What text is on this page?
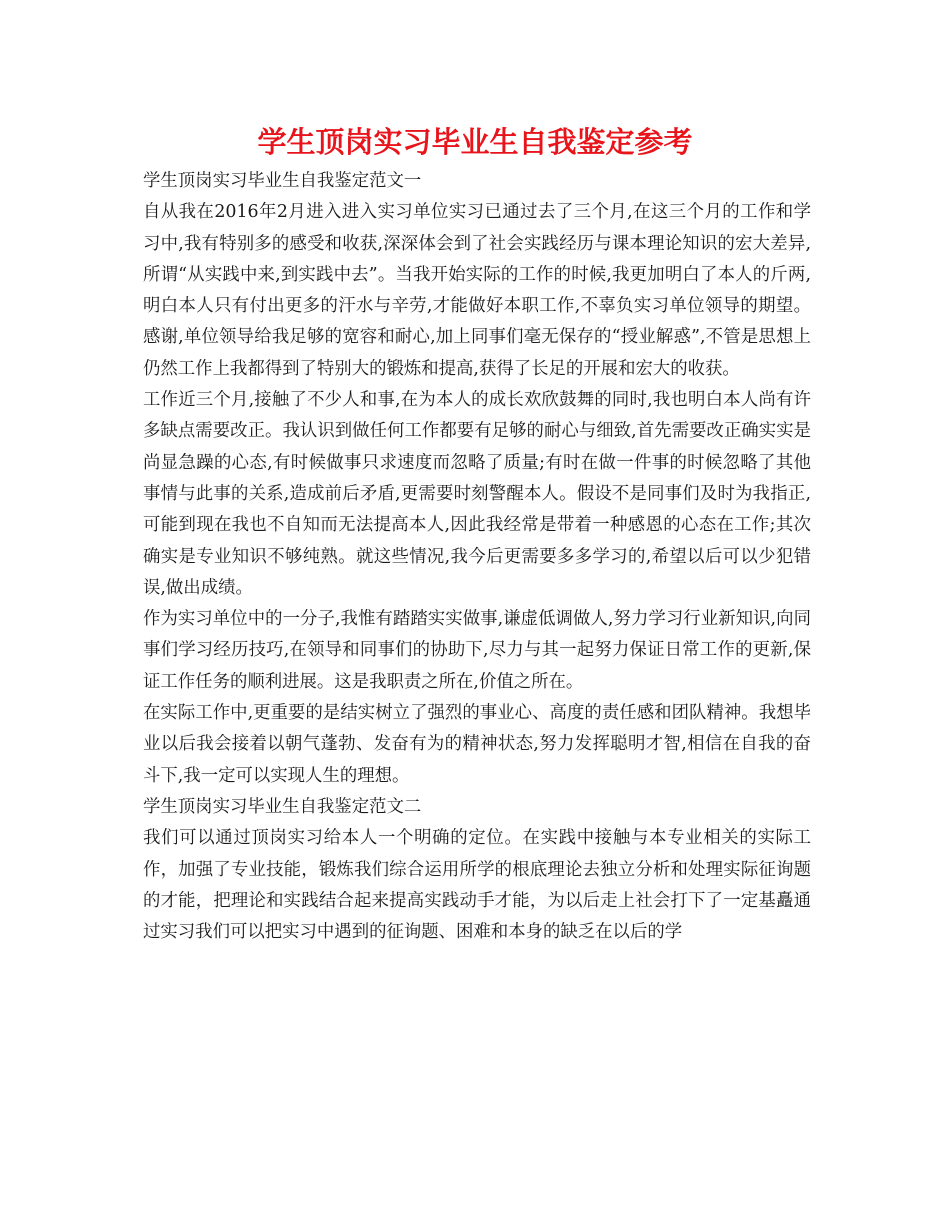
学生顶岗实习毕业生自我鉴定参考

学生顶岗实习毕业生自我鉴定范文一

自从我在2016年2月进入进入实习单位实习已通过去了三个月,在这三个月的工作和学习中,我有特别多的感受和收获,深深体会到了社会实践经历与课本理论知识的宏大差异,所谓“从实践中来,到实践中去”。当我开始实际的工作的时候,我更加明白了本人的斤两,明白本人只有付出更多的汗水与辛劳,才能做好本职工作,不辜负实习单位领导的期望。感谢,单位领导给我足够的宽容和耐心,加上同事们毫无保存的“授业解惑”,不管是思想上仍然工作上我都得到了特别大的锻炼和提高,获得了长足的开展和宏大的收获。

工作近三个月,接触了不少人和事,在为本人的成长欢欣鼓舞的同时,我也明白本人尚有许多缺点需要改正。我认识到做任何工作都要有足够的耐心与细致,首先需要改正确实实是尚显急躁的心态,有时候做事只求速度而忽略了质量;有时在做一件事的时候忽略了其他事情与此事的关系,造成前后矛盾,更需要时刻警醒本人。假设不是同事们及时为我指正,可能到现在我也不自知而无法提高本人,因此我经常是带着一种感恩的心态在工作;其次确实是专业知识不够纯熟。就这些情况,我今后更需要多多学习的,希望以后可以少犯错误,做出成绩。

作为实习单位中的一分子,我惟有踏踏实实做事,谦虚低调做人,努力学习行业新知识,向同事们学习经历技巧,在领导和同事们的协助下,尽力与其一起努力保证日常工作的更新,保证工作任务的顺利进展。这是我职责之所在,价值之所在。

在实际工作中,更重要的是结实树立了强烈的事业心、高度的责任感和团队精神。我想毕业以后我会接着以朝气蓬勃、发奋有为的精神状态,努力发挥聪明才智,相信在自我的奋斗下,我一定可以实现人生的理想。

学生顶岗实习毕业生自我鉴定范文二

我们可以通过顶岗实习给本人一个明确的定位。在实践中接触与本专业相关的实际工作，加强了专业技能，锻炼我们综合运用所学的根底理论去独立分析和处理实际征询题的才能，把理论和实践结合起来提高实践动手才能，为以后走上社会打下了一定基矗通过实习我们可以把实习中遇到的征询题、困难和本身的缺乏在以后的学
